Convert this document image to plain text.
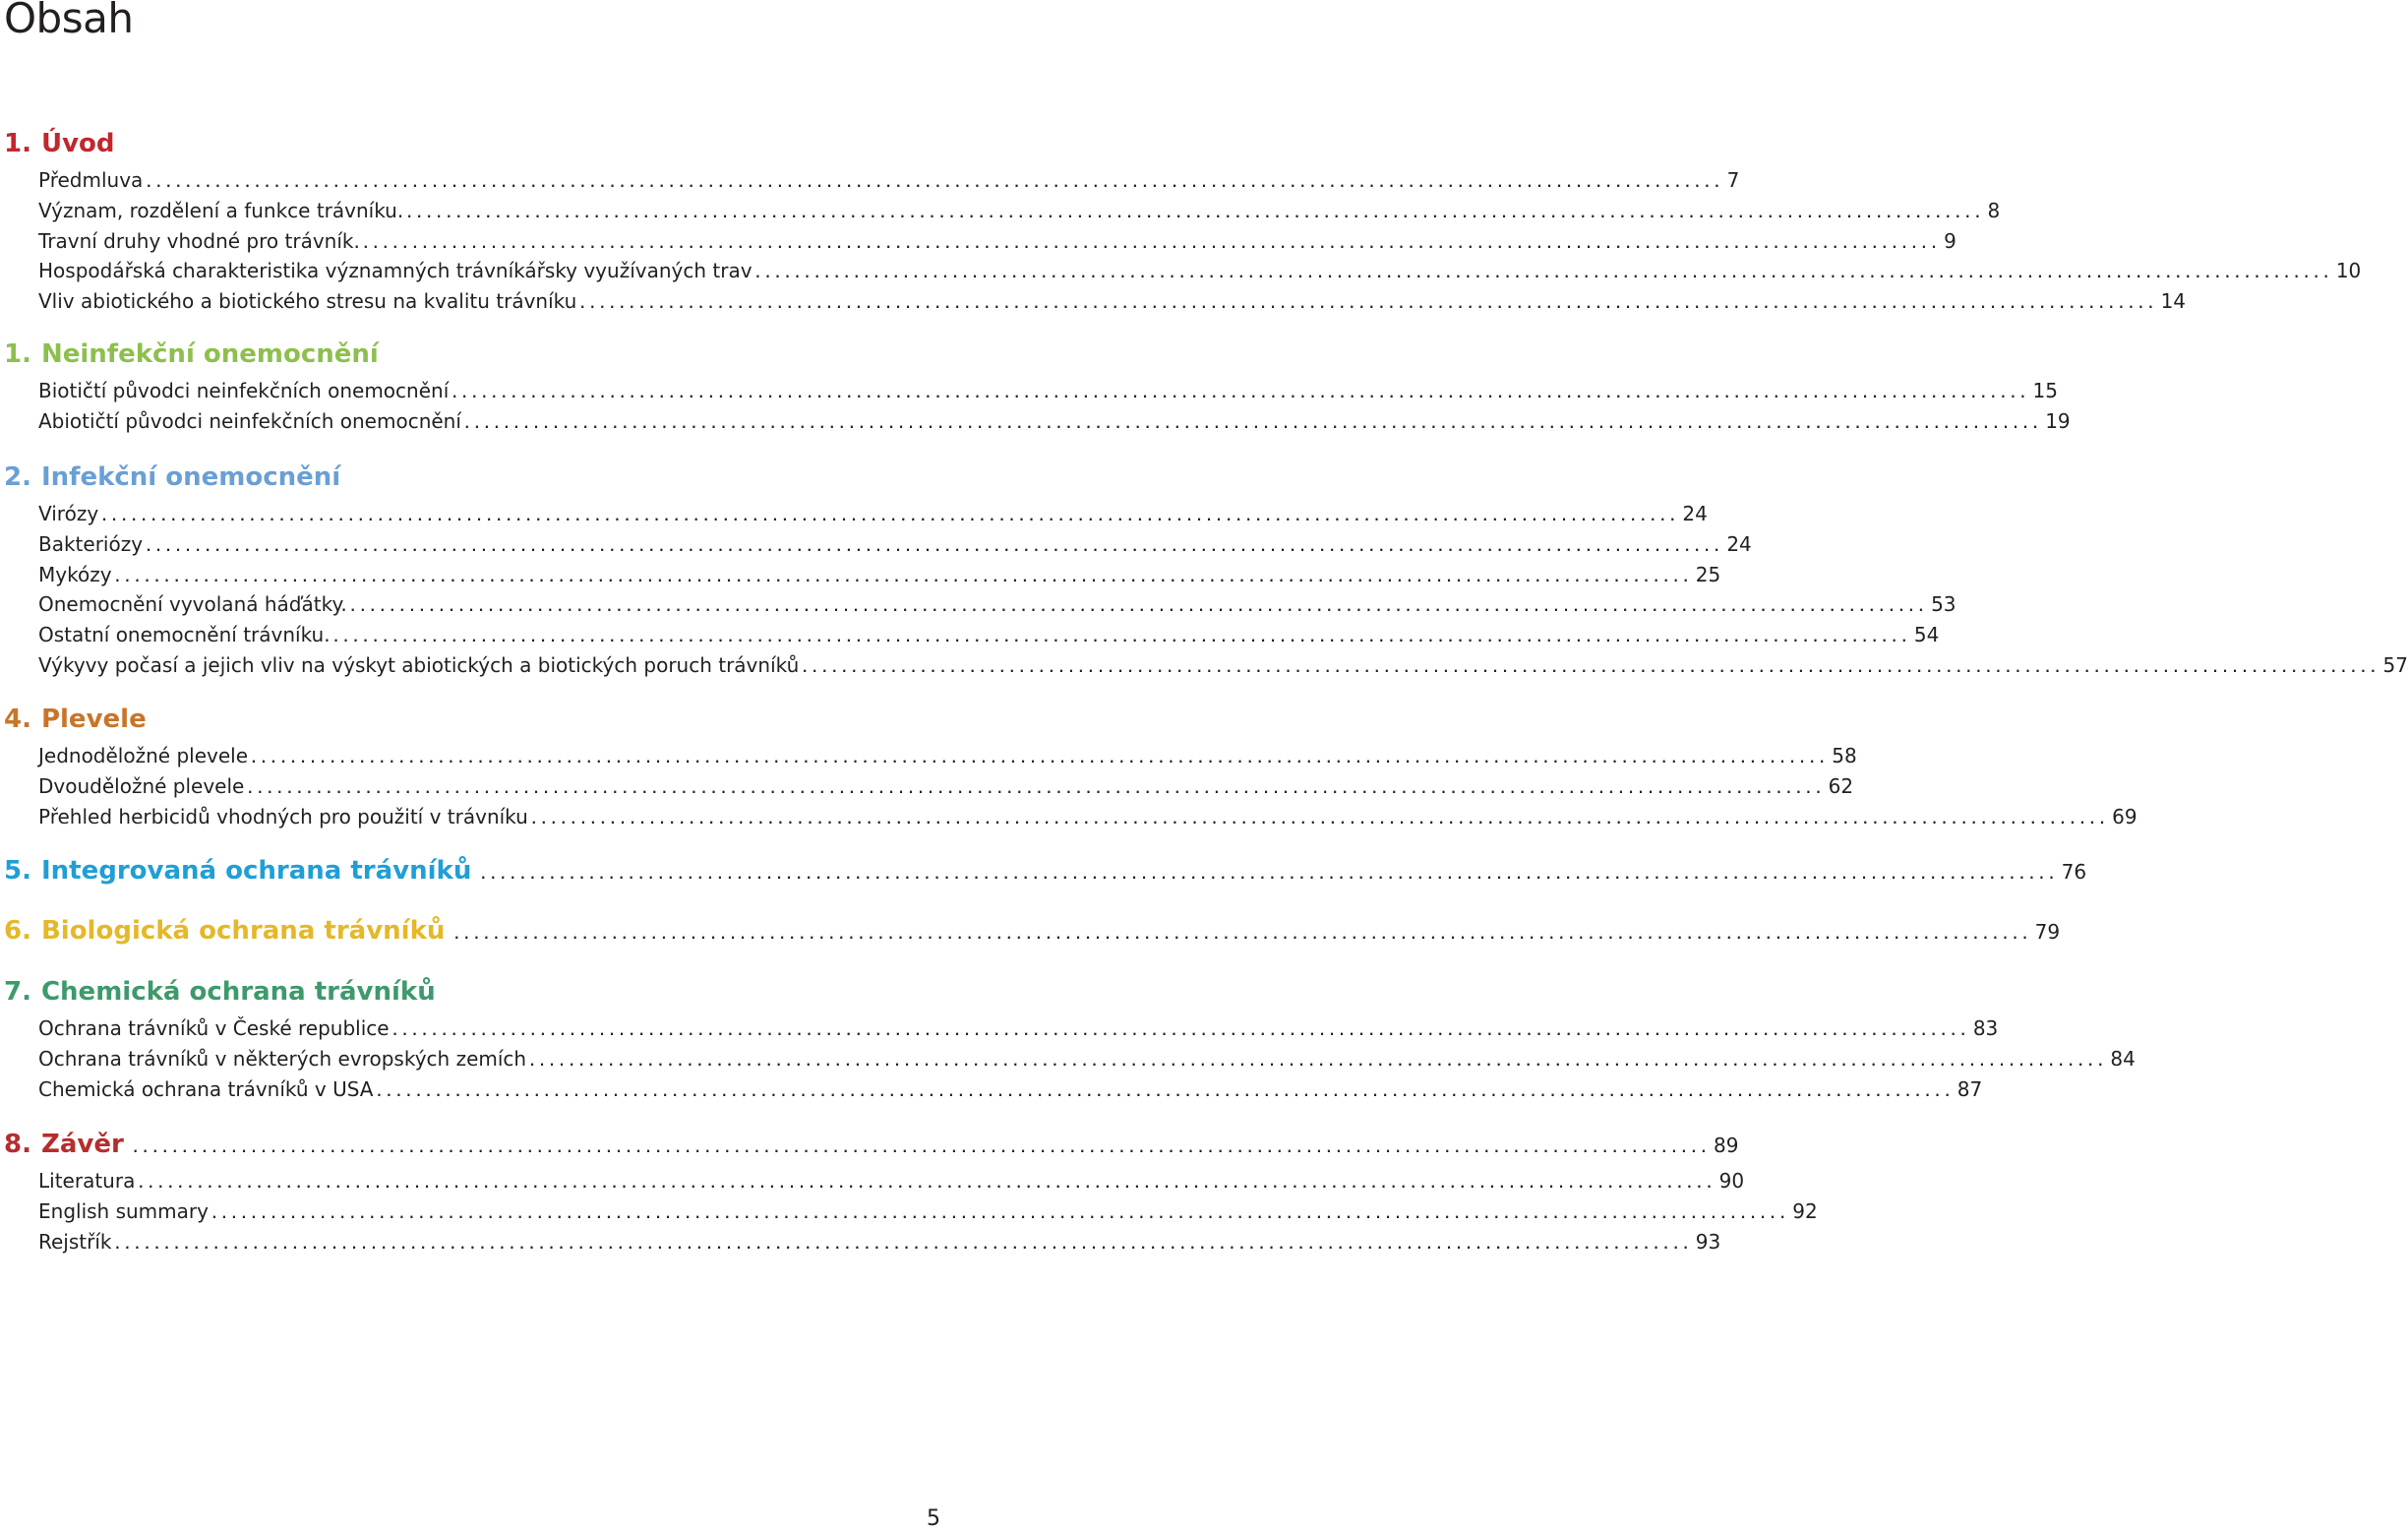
Obsah
1. Úvod
Předmluva ................................................................................................................................................................ 7
Význam, rozdělení a funkce trávníku. ................................................................................................................................................................ 8
Travní druhy vhodné pro trávník. ................................................................................................................................................................ 9
Hospodářská charakteristika významných trávníkářsky využívaných trav ................................................................................................................................................................ 10
Vliv abiotického a biotického stresu na kvalitu trávníku ................................................................................................................................................................ 14
1. Neinfekční onemocnění
Biotičtí původci neinfekčních onemocnění ................................................................................................................................................................ 15
Abiotičtí původci neinfekčních onemocnění ................................................................................................................................................................ 19
2. Infekční onemocnění
Virózy ................................................................................................................................................................ 24
Bakteriózy ................................................................................................................................................................ 24
Mykózy ................................................................................................................................................................ 25
Onemocnění vyvolaná háďátky. ................................................................................................................................................................ 53
Ostatní onemocnění trávníku. ................................................................................................................................................................ 54
Výkyvy počasí a jejich vliv na výskyt abiotických a biotických poruch trávníků ................................................................................................................................................................ 57
4. Plevele
Jednoděložné plevele ................................................................................................................................................................ 58
Dvouděložné plevele ................................................................................................................................................................ 62
Přehled herbicidů vhodných pro použití v trávníku ................................................................................................................................................................ 69
5. Integrovaná ochrana trávníků ................................................................................................................................................................ 76
6. Biologická ochrana trávníků ................................................................................................................................................................ 79
7. Chemická ochrana trávníků
Ochrana trávníků v České republice ................................................................................................................................................................ 83
Ochrana trávníků v některých evropských zemích ................................................................................................................................................................ 84
Chemická ochrana trávníků v USA ................................................................................................................................................................ 87
8. Závěr ................................................................................................................................................................ 89
Literatura ................................................................................................................................................................ 90
English summary ................................................................................................................................................................ 92
Rejstřík ................................................................................................................................................................ 93
5
